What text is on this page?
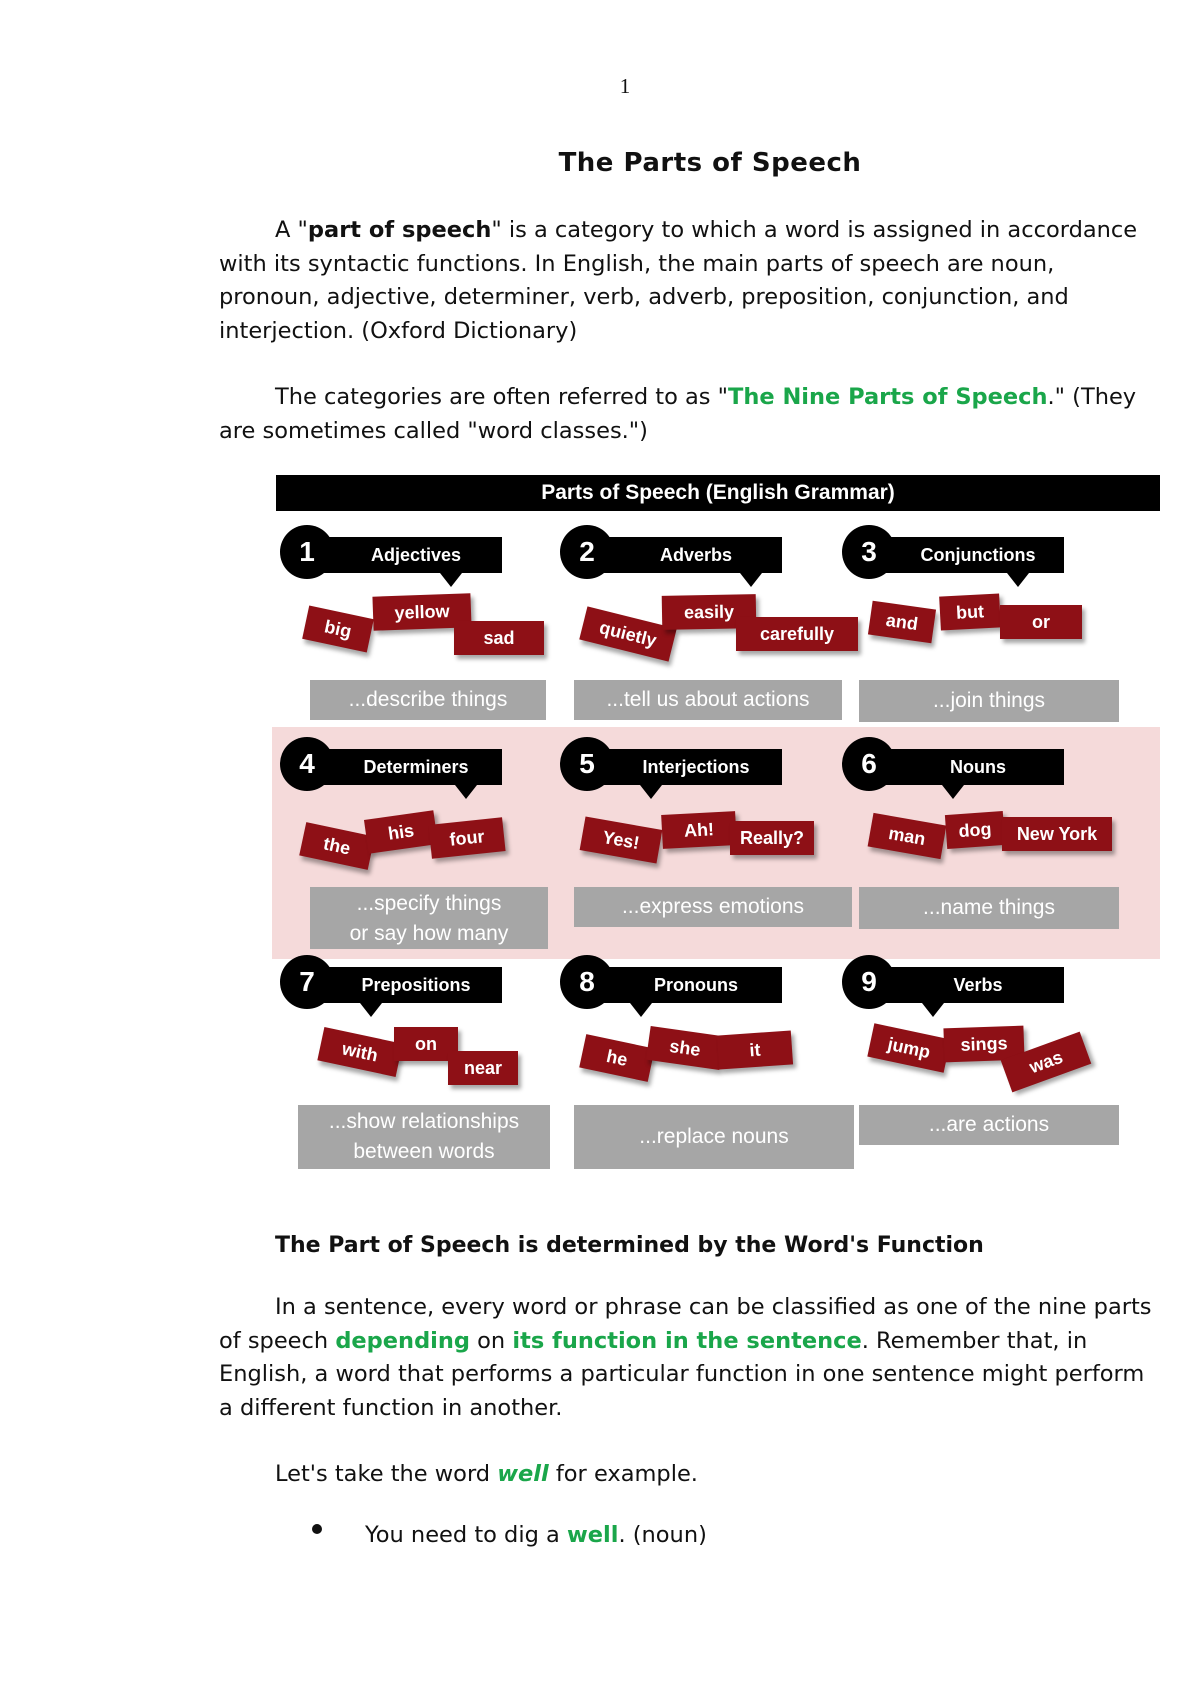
1
The Parts of Speech
A "part of speech" is a category to which a word is assigned in accordance with its syntactic functions. In English, the main parts of speech are noun, pronoun, adjective, determiner, verb, adverb, preposition, conjunction, and interjection. (Oxford Dictionary)
The categories are often referred to as "The Nine Parts of Speech." (They are sometimes called "word classes.")
Parts of Speech (English Grammar)
1	Adjectives
big
yellow
sad
...describe things
2	Adverbs
quietly
easily
carefully
...tell us about actions
3	Conjunctions
and	but	or
...join things
4	Determiners
the
his	four
...specify things
or say how many
5	Interjections
Yes!	Ah!	Really?
...express emotions
6	Nouns
man	dog	New York
...name things
7	Prepositions
with	on
near
...show relationships
between words
8	Pronouns
he	she	it
...replace nouns
9	Verbs
jump	sings
was
...are actions
The Part of Speech is determined by the Word's Function
In a sentence, every word or phrase can be classified as one of the nine parts of speech depending on its function in the sentence. Remember that, in English, a word that performs a particular function in one sentence might perform a different function in another.
Let's take the word well for example.
You need to dig a well. (noun)
